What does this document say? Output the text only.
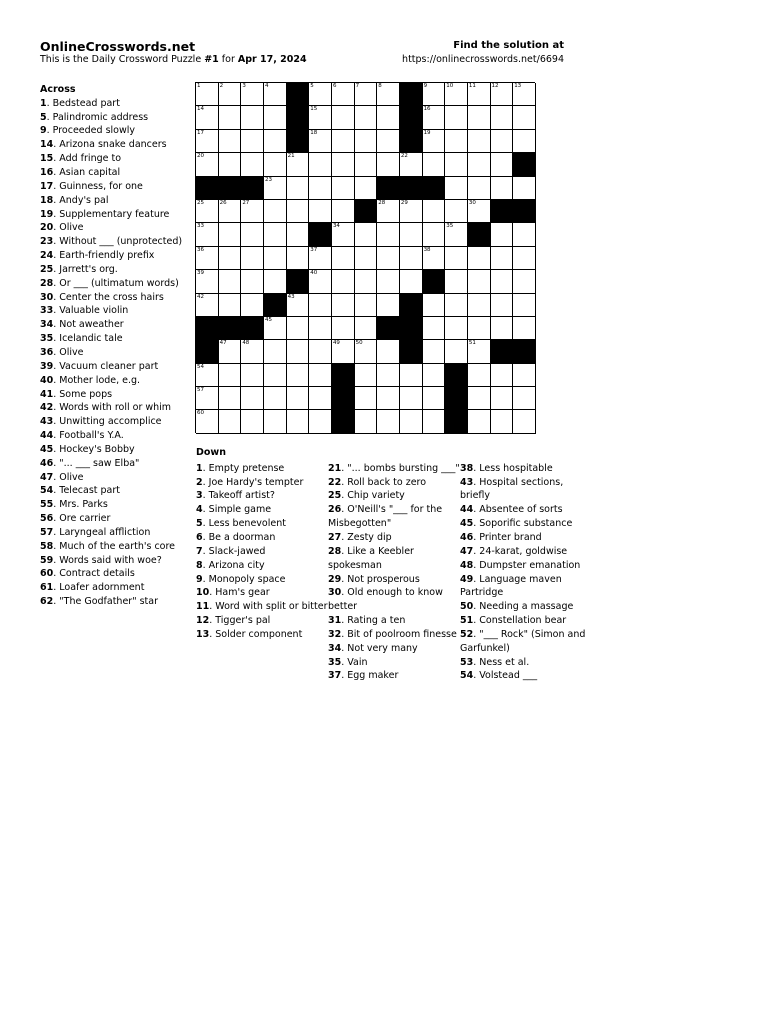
OnlineCrosswords.net
This is the Daily Crossword Puzzle #1 for Apr 17, 2024
Find the solution at
https://onlinecrosswords.net/6694
1	2	3	4	5	6	7	8	9	10	11	12	13
14	15	16
17	18	19
20	21	22
23
25	26	27	28	29	30
33	34	35
36	37	38
39	40
42	43
45
47	48	49	50	51
54
57
60
Across
1. Bedstead part
5. Palindromic address
9. Proceeded slowly
14. Arizona snake dancers
15. Add fringe to
16. Asian capital
17. Guinness, for one
18. Andy's pal
19. Supplementary feature
20. Olive
23. Without ___ (unprotected)
24. Earth-friendly prefix
25. Jarrett's org.
28. Or ___ (ultimatum words)
30. Center the cross hairs
33. Valuable violin
34. Not aweather
35. Icelandic tale
36. Olive
39. Vacuum cleaner part
40. Mother lode, e.g.
41. Some pops
42. Words with roll or whim
43. Unwitting accomplice
44. Football's Y.A.
45. Hockey's Bobby
46. "... ___ saw Elba"
47. Olive
54. Telecast part
55. Mrs. Parks
56. Ore carrier
57. Laryngeal affliction
58. Much of the earth's core
59. Words said with woe?
60. Contract details
61. Loafer adornment
62. "The Godfather" star
Down
1. Empty pretense
2. Joe Hardy's tempter
3. Takeoff artist?
4. Simple game
5. Less benevolent
6. Be a doorman
7. Slack-jawed
8. Arizona city
9. Monopoly space
10. Ham's gear
11. Word with split or bitter
12. Tigger's pal
13. Solder component
21. "... bombs bursting ___"
22. Roll back to zero
25. Chip variety
26. O'Neill's "___ for the Misbegotten"
27. Zesty dip
28. Like a Keebler spokesman
29. Not prosperous
30. Old enough to know better
31. Rating a ten
32. Bit of poolroom finesse
34. Not very many
35. Vain
37. Egg maker
38. Less hospitable
43. Hospital sections, briefly
44. Absentee of sorts
45. Soporific substance
46. Printer brand
47. 24-karat, goldwise
48. Dumpster emanation
49. Language maven Partridge
50. Needing a massage
51. Constellation bear
52. "___ Rock" (Simon and Garfunkel)
53. Ness et al.
54. Volstead ___
